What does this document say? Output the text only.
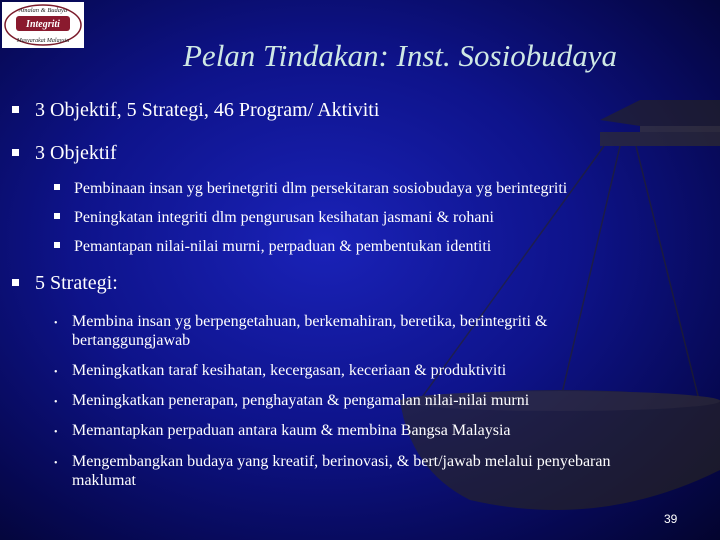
Amalan & Budaya
Integriti
Masyarakat Malaysia	Pelan Tindakan: Inst. Sosiobudaya
3 Objektif, 5 Strategi, 46 Program/ Aktiviti
3 Objektif
Pembinaan insan yg berinetgriti dlm persekitaran sosiobudaya yg berintegriti
Peningkatan integriti dlm pengurusan kesihatan jasmani & rohani
Pemantapan nilai-nilai murni, perpaduan & pembentukan identiti
5 Strategi:
• Membina insan yg berpengetahuan, berkemahiran, beretika, berintegriti & bertanggungjawab
• Meningkatkan taraf kesihatan, kecergasan, keceriaan & produktiviti
• Meningkatkan penerapan, penghayatan & pengamalan nilai-nilai murni
• Memantapkan perpaduan antara kaum & membina Bangsa Malaysia
• Mengembangkan budaya yang kreatif, berinovasi, & bert/jawab melalui penyebaran maklumat
39
